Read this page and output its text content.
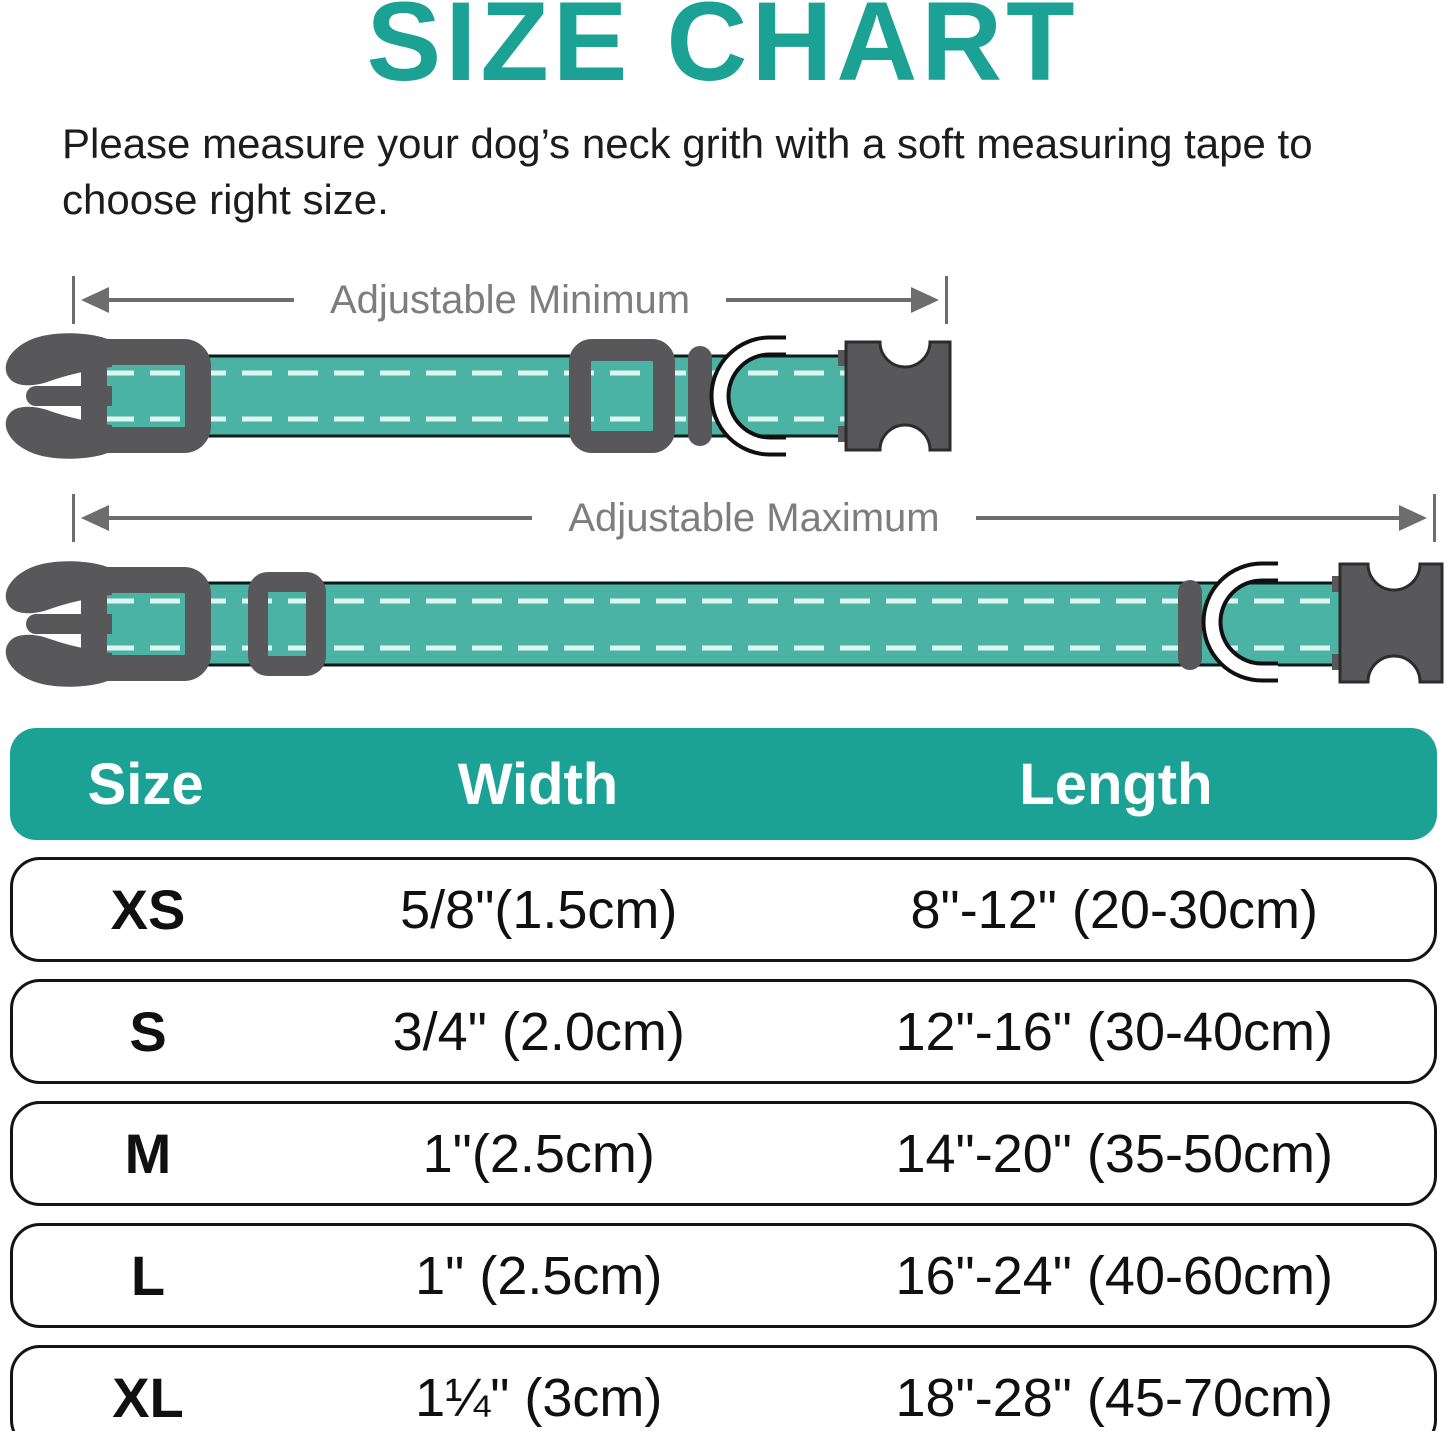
SIZE CHART
Please measure your dog’s neck grith with a soft measuring tape to choose right size.
Adjustable Minimum
Adjustable Maximum
Size	Width	Length
XS	5/8"(1.5cm)	8"-12" (20-30cm)
S	3/4" (2.0cm)	12"-16" (30-40cm)
M	1"(2.5cm)	14"-20" (35-50cm)
L	1" (2.5cm)	16"-24" (40-60cm)
XL	1¼" (3cm)	18"-28" (45-70cm)
